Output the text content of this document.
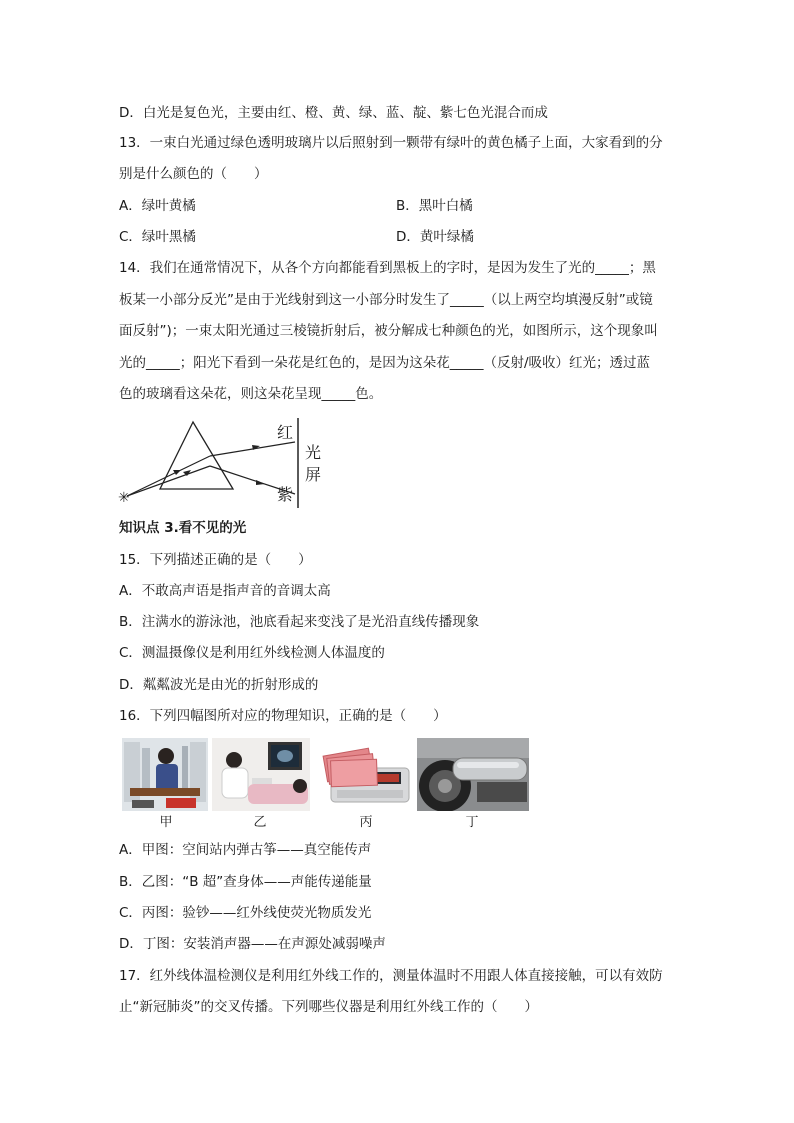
D．白光是复色光，主要由红、橙、黄、绿、蓝、靛、紫七色光混合而成
13．一束白光通过绿色透明玻璃片以后照射到一颗带有绿叶的黄色橘子上面，大家看到的分
别是什么颜色的（　　）
A．绿叶黄橘	B．黑叶白橘
C．绿叶黑橘	D．黄叶绿橘
14．我们在通常情况下，从各个方向都能看到黑板上的字时，是因为发生了光的_____；黑
板某一小部分反光”是由于光线射到这一小部分时发生了_____（以上两空均填漫反射”或镜
面反射”)；一束太阳光通过三棱镜折射后，被分解成七种颜色的光，如图所示，这个现象叫
光的_____；阳光下看到一朵花是红色的，是因为这朵花_____（反射/吸收）红光；透过蓝
色的玻璃看这朵花，则这朵花呈现_____色。
红
紫
光
屏
✳
知识点 3.看不见的光
15．下列描述正确的是（　　）
A．不敢高声语是指声音的音调太高
B．注满水的游泳池，池底看起来变浅了是光沿直线传播现象
C．测温摄像仪是利用红外线检测人体温度的
D．粼粼波光是由光的折射形成的
16．下列四幅图所对应的物理知识，正确的是（　　）
甲	乙	丙	丁
A．甲图：空间站内弹古筝——真空能传声
B．乙图：“B 超”查身体——声能传递能量
C．丙图：验钞——红外线使荧光物质发光
D．丁图：安装消声器——在声源处减弱噪声
17．红外线体温检测仪是利用红外线工作的，测量体温时不用跟人体直接接触，可以有效防
止“新冠肺炎”的交叉传播。下列哪些仪器是利用红外线工作的（　　）
